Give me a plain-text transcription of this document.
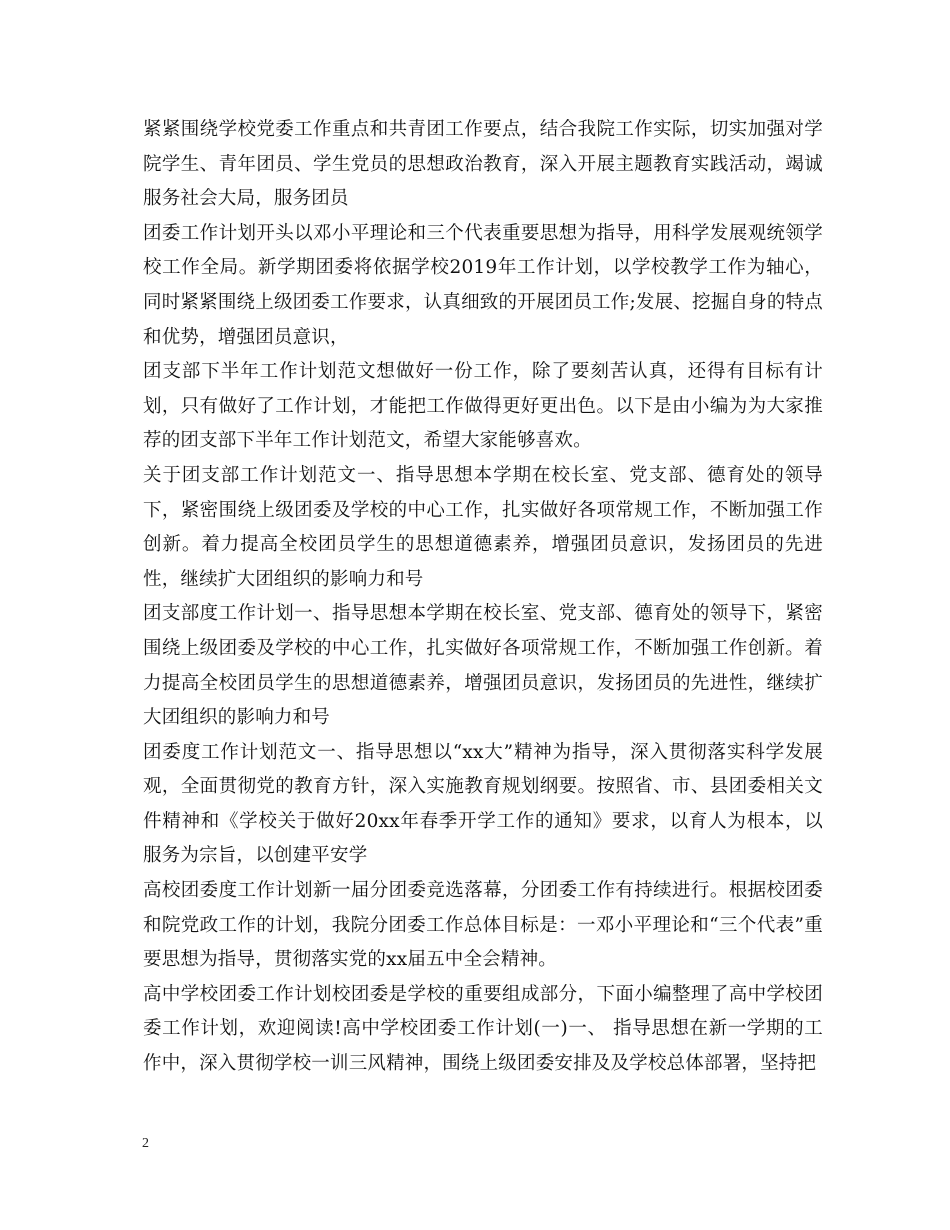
紧紧围绕学校党委工作重点和共青团工作要点，结合我院工作实际，切实加强对学院学生、青年团员、学生党员的思想政治教育，深入开展主题教育实践活动，竭诚服务社会大局，服务团员

团委工作计划开头以邓小平理论和三个代表重要思想为指导，用科学发展观统领学校工作全局。新学期团委将依据学校2019年工作计划，以学校教学工作为轴心，同时紧紧围绕上级团委工作要求，认真细致的开展团员工作;发展、挖掘自身的特点和优势，增强团员意识，

团支部下半年工作计划范文想做好一份工作，除了要刻苦认真，还得有目标有计划，只有做好了工作计划，才能把工作做得更好更出色。以下是由小编为为大家推荐的团支部下半年工作计划范文，希望大家能够喜欢。

关于团支部工作计划范文一、指导思想本学期在校长室、党支部、德育处的领导下，紧密围绕上级团委及学校的中心工作，扎实做好各项常规工作，不断加强工作创新。着力提高全校团员学生的思想道德素养，增强团员意识，发扬团员的先进性，继续扩大团组织的影响力和号

团支部度工作计划一、指导思想本学期在校长室、党支部、德育处的领导下，紧密围绕上级团委及学校的中心工作，扎实做好各项常规工作，不断加强工作创新。着力提高全校团员学生的思想道德素养，增强团员意识，发扬团员的先进性，继续扩大团组织的影响力和号

团委度工作计划范文一、指导思想以“xx大”精神为指导，深入贯彻落实科学发展观，全面贯彻党的教育方针，深入实施教育规划纲要。按照省、市、县团委相关文件精神和《学校关于做好20xx年春季开学工作的通知》要求，以育人为根本，以服务为宗旨，以创建平安学

高校团委度工作计划新一届分团委竞选落幕，分团委工作有持续进行。根据校团委和院党政工作的计划，我院分团委工作总体目标是：一邓小平理论和“三个代表”重要思想为指导，贯彻落实党的xx届五中全会精神。

高中学校团委工作计划校团委是学校的重要组成部分，下面小编整理了高中学校团委工作计划，欢迎阅读!高中学校团委工作计划(一)一、 指导思想在新一学期的工作中，深入贯彻学校一训三风精神，围绕上级团委安排及及学校总体部署，坚持把

2
